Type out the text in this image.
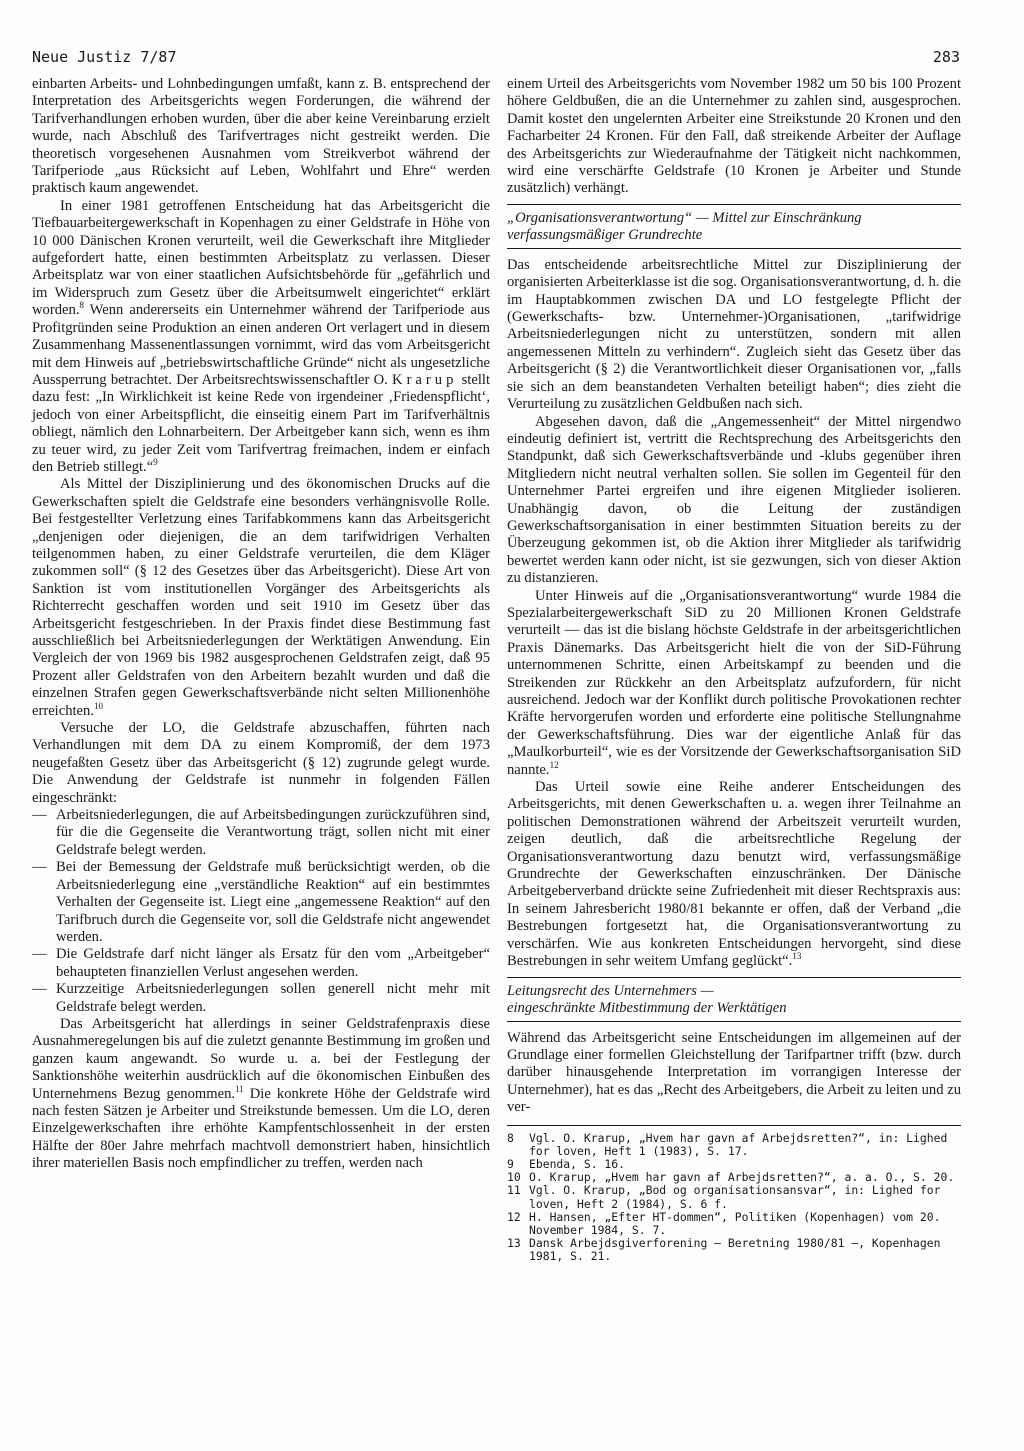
Neue Justiz 7/87	283

einbarten Arbeits- und Lohnbedingungen umfaßt, kann z. B. entsprechend der Interpretation des Arbeitsgerichts wegen Forderungen, die während der Tarifverhandlungen erhoben wurden, über die aber keine Vereinbarung erzielt wurde, nach Abschluß des Tarifvertrages nicht gestreikt werden. Die theoretisch vorgesehenen Ausnahmen vom Streikverbot während der Tarifperiode „aus Rücksicht auf Leben, Wohlfahrt und Ehre“ werden praktisch kaum angewendet.

In einer 1981 getroffenen Entscheidung hat das Arbeitsgericht die Tiefbauarbeitergewerkschaft in Kopenhagen zu einer Geldstrafe in Höhe von 10 000 Dänischen Kronen verurteilt, weil die Gewerkschaft ihre Mitglieder aufgefordert hatte, einen bestimmten Arbeitsplatz zu verlassen. Dieser Arbeitsplatz war von einer staatlichen Aufsichtsbehörde für „gefährlich und im Widerspruch zum Gesetz über die Arbeitsumwelt eingerichtet“ erklärt worden.$^8$ Wenn andererseits ein Unternehmer während der Tarifperiode aus Profitgründen seine Produktion an einen anderen Ort verlagert und in diesem Zusammenhang Massenentlassungen vornimmt, wird das vom Arbeitsgericht mit dem Hinweis auf „betriebswirtschaftliche Gründe“ nicht als ungesetzliche Aussperrung betrachtet. Der Arbeitsrechtswissenschaftler O. Krarup stellt dazu fest: „In Wirklichkeit ist keine Rede von irgendeiner ‚Friedenspflicht‘, jedoch von einer Arbeitspflicht, die einseitig einem Part im Tarifverhältnis obliegt, nämlich den Lohnarbeitern. Der Arbeitgeber kann sich, wenn es ihm zu teuer wird, zu jeder Zeit vom Tarifvertrag freimachen, indem er einfach den Betrieb stillegt.“$^9$

Als Mittel der Disziplinierung und des ökonomischen Drucks auf die Gewerkschaften spielt die Geldstrafe eine besonders verhängnisvolle Rolle. Bei festgestellter Verletzung eines Tarifabkommens kann das Arbeitsgericht „denjenigen oder diejenigen, die an dem tarifwidrigen Verhalten teilgenommen haben, zu einer Geldstrafe verurteilen, die dem Kläger zukommen soll“ (§ 12 des Gesetzes über das Arbeitsgericht). Diese Art von Sanktion ist vom institutionellen Vorgänger des Arbeitsgerichts als Richterrecht geschaffen worden und seit 1910 im Gesetz über das Arbeitsgericht festgeschrieben. In der Praxis findet diese Bestimmung fast ausschließlich bei Arbeitsniederlegungen der Werktätigen Anwendung. Ein Vergleich der von 1969 bis 1982 ausgesprochenen Geldstrafen zeigt, daß 95 Prozent aller Geldstrafen von den Arbeitern bezahlt wurden und daß die einzelnen Strafen gegen Gewerkschaftsverbände nicht selten Millionenhöhe erreichten.$^{10}$

Versuche der LO, die Geldstrafe abzuschaffen, führten nach Verhandlungen mit dem DA zu einem Kompromiß, der dem 1973 neugefaßten Gesetz über das Arbeitsgericht (§ 12) zugrunde gelegt wurde. Die Anwendung der Geldstrafe ist nunmehr in folgenden Fällen eingeschränkt:

— Arbeitsniederlegungen, die auf Arbeitsbedingungen zurückzuführen sind, für die die Gegenseite die Verantwortung trägt, sollen nicht mit einer Geldstrafe belegt werden.
— Bei der Bemessung der Geldstrafe muß berücksichtigt werden, ob die Arbeitsniederlegung eine „verständliche Reaktion“ auf ein bestimmtes Verhalten der Gegenseite ist. Liegt eine „angemessene Reaktion“ auf den Tarifbruch durch die Gegenseite vor, soll die Geldstrafe nicht angewendet werden.
— Die Geldstrafe darf nicht länger als Ersatz für den vom „Arbeitgeber“ behaupteten finanziellen Verlust angesehen werden.
— Kurzzeitige Arbeitsniederlegungen sollen generell nicht mehr mit Geldstrafe belegt werden.

Das Arbeitsgericht hat allerdings in seiner Geldstrafenpraxis diese Ausnahmeregelungen bis auf die zuletzt genannte Bestimmung im großen und ganzen kaum angewandt. So wurde u. a. bei der Festlegung der Sanktionshöhe weiterhin ausdrücklich auf die ökonomischen Einbußen des Unternehmens Bezug genommen.$^{11}$ Die konkrete Höhe der Geldstrafe wird nach festen Sätzen je Arbeiter und Streikstunde bemessen. Um die LO, deren Einzelgewerkschaften ihre erhöhte Kampfentschlossenheit in der ersten Hälfte der 80er Jahre mehrfach machtvoll demonstriert haben, hinsichtlich ihrer materiellen Basis noch empfindlicher zu treffen, werden nach

einem Urteil des Arbeitsgerichts vom November 1982 um 50 bis 100 Prozent höhere Geldbußen, die an die Unternehmer zu zahlen sind, ausgesprochen. Damit kostet den ungelernten Arbeiter eine Streikstunde 20 Kronen und den Facharbeiter 24 Kronen. Für den Fall, daß streikende Arbeiter der Auflage des Arbeitsgerichts zur Wiederaufnahme der Tätigkeit nicht nachkommen, wird eine verschärfte Geldstrafe (10 Kronen je Arbeiter und Stunde zusätzlich) verhängt.

„Organisationsverantwortung“ — Mittel zur Einschränkung
verfassungsmäßiger Grundrechte

Das entscheidende arbeitsrechtliche Mittel zur Disziplinierung der organisierten Arbeiterklasse ist die sog. Organisationsverantwortung, d. h. die im Hauptabkommen zwischen DA und LO festgelegte Pflicht der (Gewerkschafts- bzw. Unternehmer-)Organisationen, „tarifwidrige Arbeitsniederlegungen nicht zu unterstützen, sondern mit allen angemessenen Mitteln zu verhindern“. Zugleich sieht das Gesetz über das Arbeitsgericht (§ 2) die Verantwortlichkeit dieser Organisationen vor, „falls sie sich an dem beanstandeten Verhalten beteiligt haben“; dies zieht die Verurteilung zu zusätzlichen Geldbußen nach sich.

Abgesehen davon, daß die „Angemessenheit“ der Mittel nirgendwo eindeutig definiert ist, vertritt die Rechtsprechung des Arbeitsgerichts den Standpunkt, daß sich Gewerkschaftsverbände und -klubs gegenüber ihren Mitgliedern nicht neutral verhalten sollen. Sie sollen im Gegenteil für den Unternehmer Partei ergreifen und ihre eigenen Mitglieder isolieren. Unabhängig davon, ob die Leitung der zuständigen Gewerkschaftsorganisation in einer bestimmten Situation bereits zu der Überzeugung gekommen ist, ob die Aktion ihrer Mitglieder als tarifwidrig bewertet werden kann oder nicht, ist sie gezwungen, sich von dieser Aktion zu distanzieren.

Unter Hinweis auf die „Organisationsverantwortung“ wurde 1984 die Spezialarbeitergewerkschaft SiD zu 20 Millionen Kronen Geldstrafe verurteilt — das ist die bislang höchste Geldstrafe in der arbeitsgerichtlichen Praxis Dänemarks. Das Arbeitsgericht hielt die von der SiD-Führung unternommenen Schritte, einen Arbeitskampf zu beenden und die Streikenden zur Rückkehr an den Arbeitsplatz aufzufordern, für nicht ausreichend. Jedoch war der Konflikt durch politische Provokationen rechter Kräfte hervorgerufen worden und erforderte eine politische Stellungnahme der Gewerkschaftsführung. Dies war der eigentliche Anlaß für das „Maulkorburteil“, wie es der Vorsitzende der Gewerkschaftsorganisation SiD nannte.$^{12}$

Das Urteil sowie eine Reihe anderer Entscheidungen des Arbeitsgerichts, mit denen Gewerkschaften u. a. wegen ihrer Teilnahme an politischen Demonstrationen während der Arbeitszeit verurteilt wurden, zeigen deutlich, daß die arbeitsrechtliche Regelung der Organisationsverantwortung dazu benutzt wird, verfassungsmäßige Grundrechte der Gewerkschaften einzuschränken. Der Dänische Arbeitgeberverband drückte seine Zufriedenheit mit dieser Rechtspraxis aus: In seinem Jahresbericht 1980/81 bekannte er offen, daß der Verband „die Bestrebungen fortgesetzt hat, die Organisationsverantwortung zu verschärfen. Wie aus konkreten Entscheidungen hervorgeht, sind diese Bestrebungen in sehr weitem Umfang geglückt“.$^{13}$

Leitungsrecht des Unternehmers —
eingeschränkte Mitbestimmung der Werktätigen

Während das Arbeitsgericht seine Entscheidungen im allgemeinen auf der Grundlage einer formellen Gleichstellung der Tarifpartner trifft (bzw. durch darüber hinausgehende Interpretation im vorrangigen Interesse der Unternehmer), hat es das „Recht des Arbeitgebers, die Arbeit zu leiten und zu ver-

8	Vgl. O. Krarup, „Hvem har gavn af Arbejdsretten?“, in: Lighed for loven, Heft 1 (1983), S. 17.
9	Ebenda, S. 16.
10 O. Krarup, „Hvem har gavn af Arbejdsretten?“, a. a. O., S. 20.
11 Vgl. O. Krarup, „Bod og organisationsansvar“, in: Lighed for loven, Heft 2 (1984), S. 6 f.
12 H. Hansen, „Efter HT-dommen“, Politiken (Kopenhagen) vom 20. November 1984, S. 7.
13 Dansk Arbejdsgiverforening — Beretning 1980/81 —, Kopenhagen 1981, S. 21.
